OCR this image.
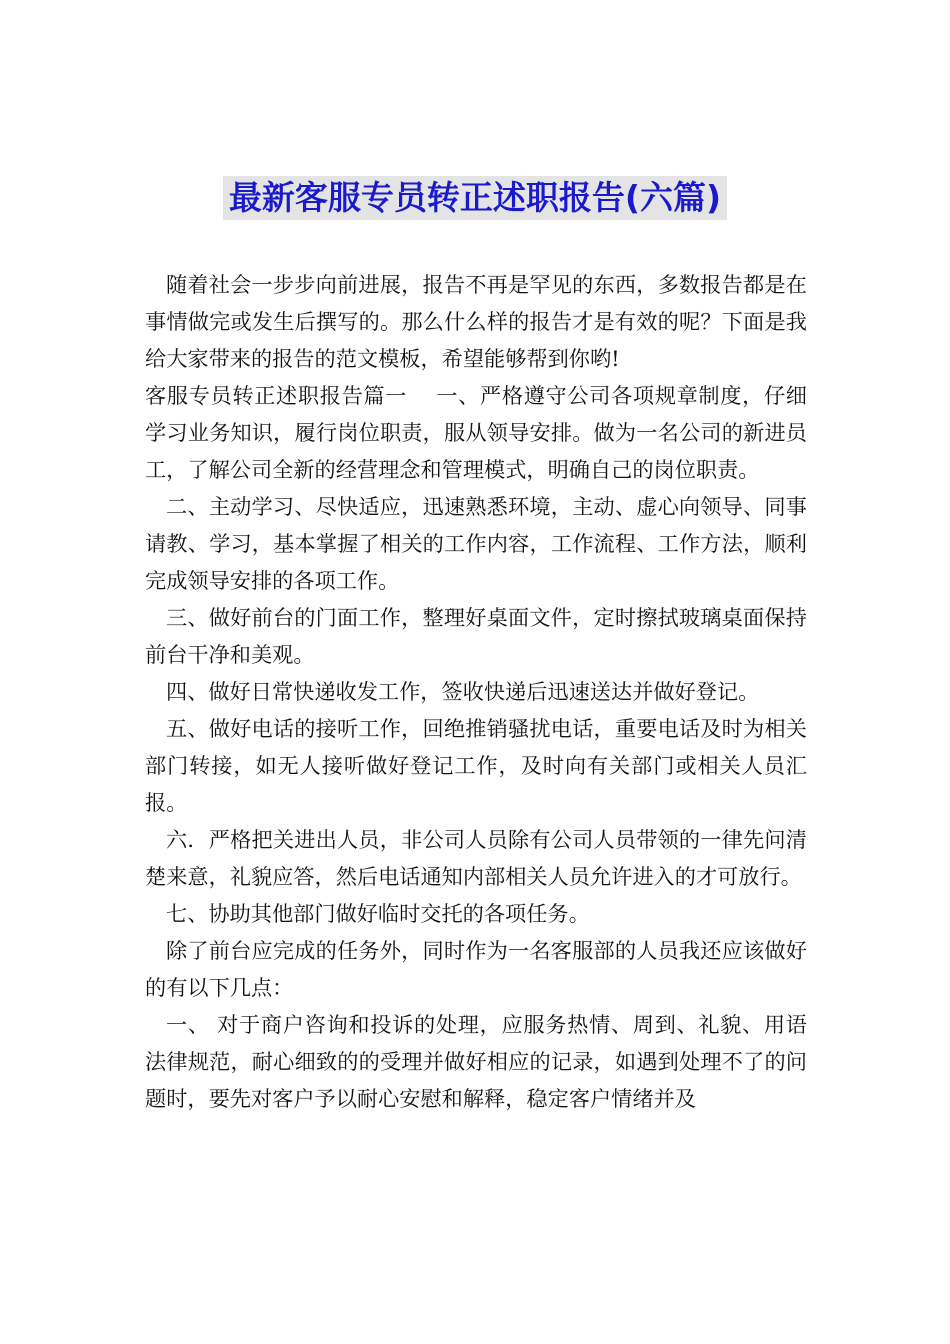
最新客服专员转正述职报告(六篇)

随着社会一步步向前进展，报告不再是罕见的东西，多数报告都是在事情做完或发生后撰写的。那么什么样的报告才是有效的呢？下面是我给大家带来的报告的范文模板，希望能够帮到你哟!

客服专员转正述职报告篇一　 一、严格遵守公司各项规章制度，仔细学习业务知识，履行岗位职责，服从领导安排。做为一名公司的新进员工，了解公司全新的经营理念和管理模式，明确自己的岗位职责。

二、主动学习、尽快适应，迅速熟悉环境，主动、虚心向领导、同事请教、学习，基本掌握了相关的工作内容，工作流程、工作方法，顺利完成领导安排的各项工作。

三、做好前台的门面工作，整理好桌面文件，定时擦拭玻璃桌面保持前台干净和美观。

四、做好日常快递收发工作，签收快递后迅速送达并做好登记。

五、做好电话的接听工作，回绝推销骚扰电话，重要电话及时为相关部门转接，如无人接听做好登记工作，及时向有关部门或相关人员汇报。

六．严格把关进出人员，非公司人员除有公司人员带领的一律先问清楚来意，礼貌应答，然后电话通知内部相关人员允许进入的才可放行。

七、协助其他部门做好临时交托的各项任务。

除了前台应完成的任务外，同时作为一名客服部的人员我还应该做好的有以下几点：

一、 对于商户咨询和投诉的处理，应服务热情、周到、礼貌、用语法律规范，耐心细致的的受理并做好相应的记录，如遇到处理不了的问题时，要先对客户予以耐心安慰和解释，稳定客户情绪并及
